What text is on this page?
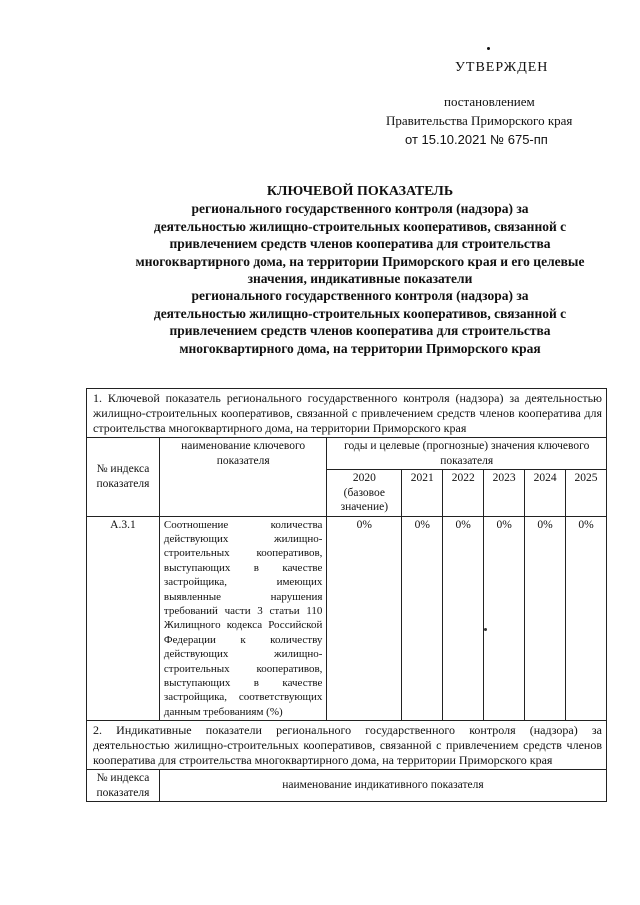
УТВЕРЖДЕН
постановлением
Правительства Приморского края
от 15.10.2021 № 675-пп
КЛЮЧЕВОЙ ПОКАЗАТЕЛЬ
регионального государственного контроля (надзора) за
деятельностью жилищно-строительных кооперативов, связанной с
привлечением средств членов кооператива для строительства
многоквартирного дома, на территории Приморского края и его целевые
значения, индикативные показатели
регионального государственного контроля (надзора) за
деятельностью жилищно-строительных кооперативов, связанной с
привлечением средств членов кооператива для строительства
многоквартирного дома, на территории Приморского края
1. Ключевой показатель регионального государственного контроля (надзора) за деятельностью жилищно-строительных кооперативов, связанной с привлечением средств членов кооператива для строительства многоквартирного дома, на территории Приморского края							
№ индекса показателя	наименование ключевого показателя	годы и целевые (прогнозные) значения ключевого показателя					
		2020 (базовое значение)	2021	2022	2023	2024	2025
А.3.1	Соотношение количества действующих жилищно-строительных кооперативов, выступающих в качестве застройщика, имеющих выявленные нарушения требований части 3 статьи 110 Жилищного кодекса Российской Федерации к количеству действующих жилищно-строительных кооперативов, выступающих в качестве застройщика, соответствующих данным требованиям (%)	0%	0%	0%	0%	0%	0%
2. Индикативные показатели регионального государственного контроля (надзора) за деятельностью жилищно-строительных кооперативов, связанной с привлечением средств членов кооператива для строительства многоквартирного дома, на территории Приморского края							
№ индекса показателя	наименование индикативного показателя						
